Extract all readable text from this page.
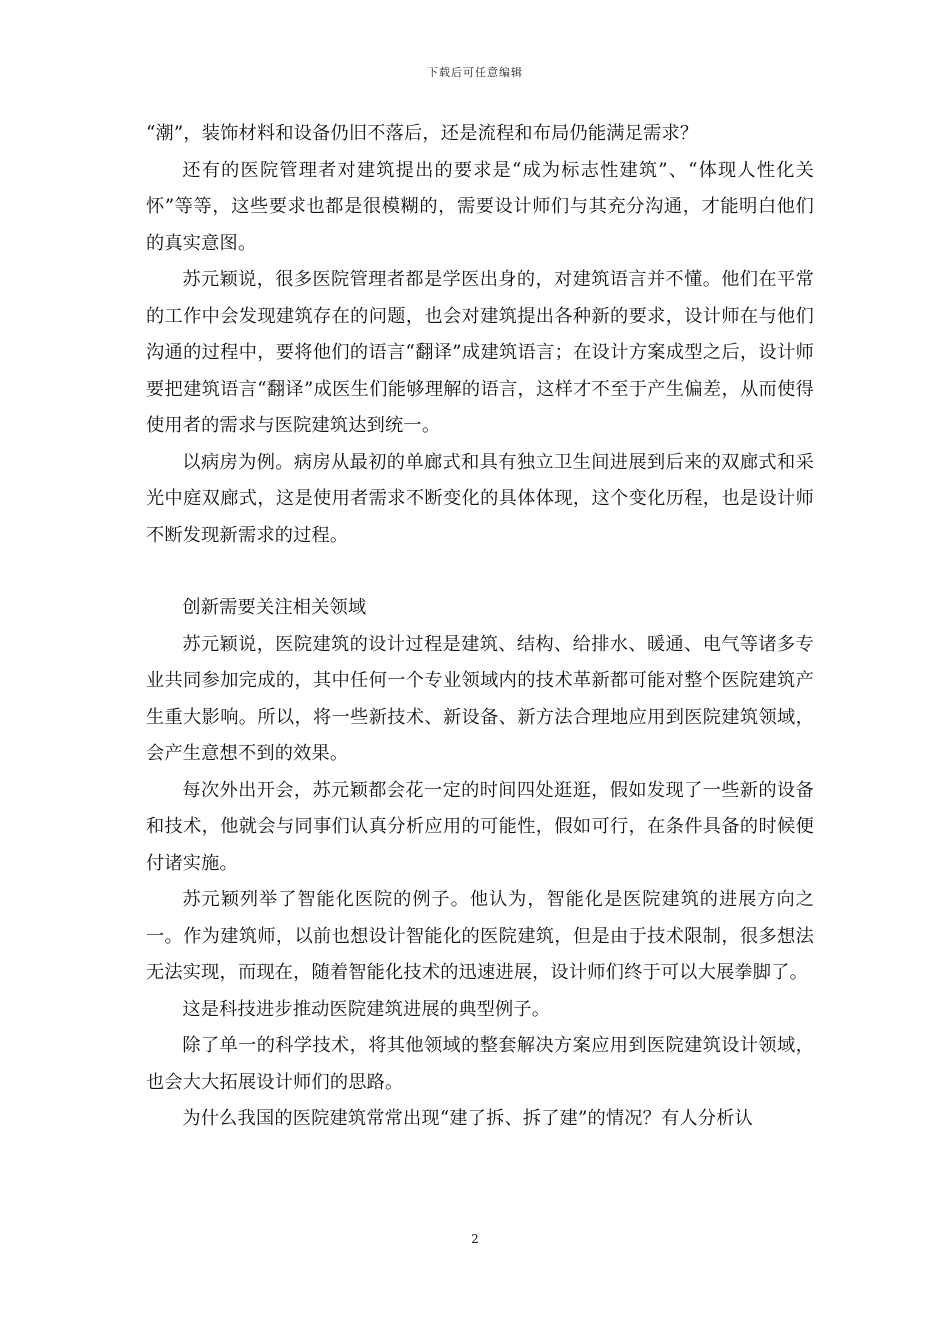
下载后可任意编辑

“潮”，装饰材料和设备仍旧不落后，还是流程和布局仍能满足需求？

还有的医院管理者对建筑提出的要求是“成为标志性建筑”、“体现人性化关怀”等等，这些要求也都是很模糊的，需要设计师们与其充分沟通，才能明白他们的真实意图。

苏元颖说，很多医院管理者都是学医出身的，对建筑语言并不懂。他们在平常的工作中会发现建筑存在的问题，也会对建筑提出各种新的要求，设计师在与他们沟通的过程中，要将他们的语言“翻译”成建筑语言；在设计方案成型之后，设计师要把建筑语言“翻译”成医生们能够理解的语言，这样才不至于产生偏差，从而使得使用者的需求与医院建筑达到统一。

以病房为例。病房从最初的单廊式和具有独立卫生间进展到后来的双廊式和采光中庭双廊式，这是使用者需求不断变化的具体体现，这个变化历程，也是设计师不断发现新需求的过程。

创新需要关注相关领域

苏元颖说，医院建筑的设计过程是建筑、结构、给排水、暖通、电气等诸多专业共同参加完成的，其中任何一个专业领域内的技术革新都可能对整个医院建筑产生重大影响。所以，将一些新技术、新设备、新方法合理地应用到医院建筑领域，会产生意想不到的效果。

每次外出开会，苏元颖都会花一定的时间四处逛逛，假如发现了一些新的设备和技术，他就会与同事们认真分析应用的可能性，假如可行，在条件具备的时候便付诸实施。

苏元颖列举了智能化医院的例子。他认为，智能化是医院建筑的进展方向之一。作为建筑师，以前也想设计智能化的医院建筑，但是由于技术限制，很多想法无法实现，而现在，随着智能化技术的迅速进展，设计师们终于可以大展拳脚了。

这是科技进步推动医院建筑进展的典型例子。

除了单一的科学技术，将其他领域的整套解决方案应用到医院建筑设计领域，也会大大拓展设计师们的思路。

为什么我国的医院建筑常常出现“建了拆、拆了建”的情况？有人分析认

2
